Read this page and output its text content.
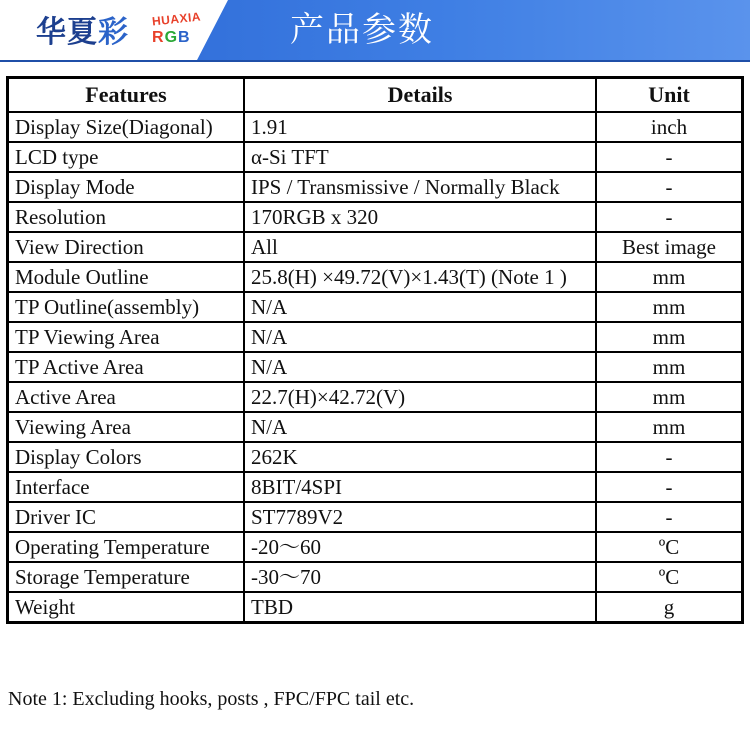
华夏彩 HUAXIA
RGB	产品参数
Features	Details	Unit
Display Size(Diagonal)	1.91	inch
LCD type	α-Si TFT	-
Display Mode	IPS / Transmissive / Normally Black	-
Resolution	170RGB x 320	-
View Direction	All	Best image
Module Outline	25.8(H) ×49.72(V)×1.43(T) (Note 1 )	mm
TP Outline(assembly)	N/A	mm
TP Viewing Area	N/A	mm
TP Active Area	N/A	mm
Active Area	22.7(H)×42.72(V)	mm
Viewing Area	N/A	mm
Display Colors	262K	-
Interface	8BIT/4SPI	-
Driver IC	ST7789V2	-
Operating Temperature	-20～60	ºC
Storage Temperature	-30～70	ºC
Weight	TBD	g
Note 1: Excluding hooks, posts , FPC/FPC tail etc.
